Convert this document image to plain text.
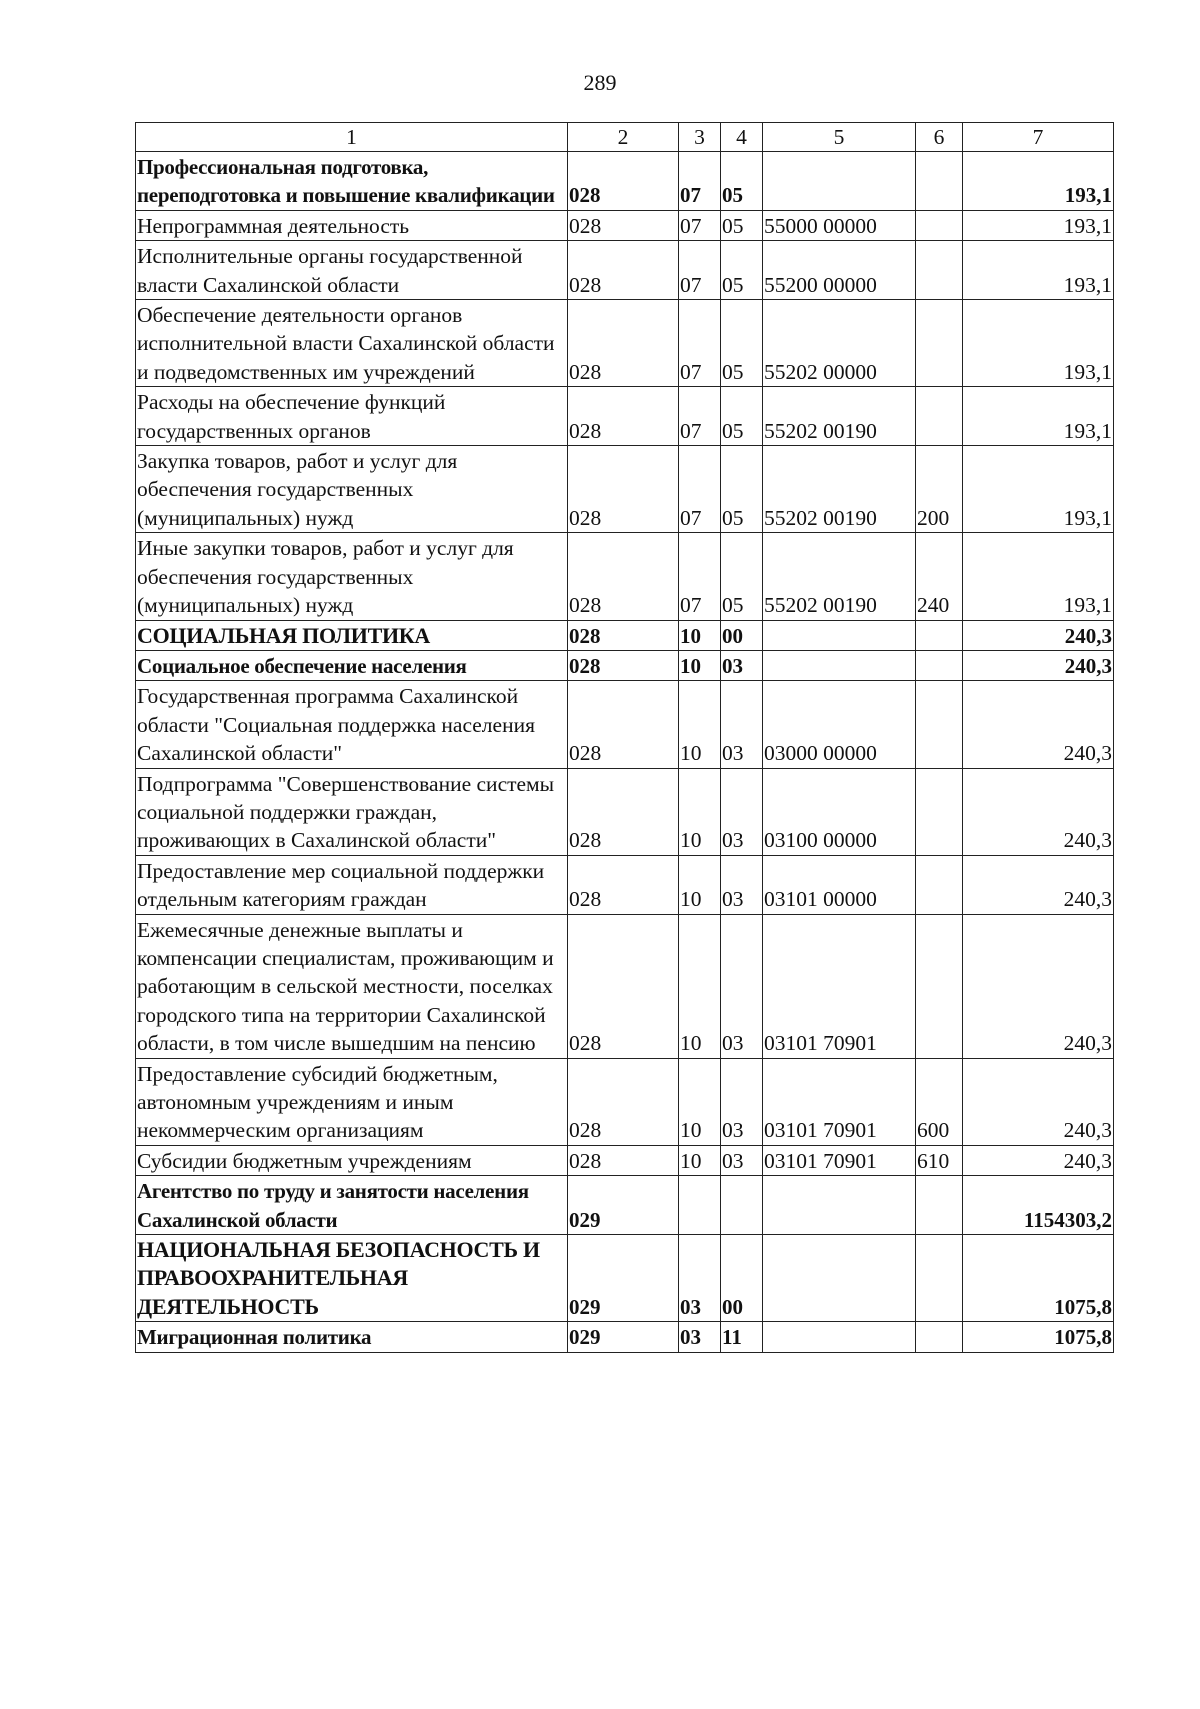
289
1	2	3	4	5	6	7
Профессиональная подготовка, переподготовка и повышение квалификации	028	07	05			193,1
Непрограммная деятельность	028	07	05	55000 00000		193,1
Исполнительные органы государственной власти Сахалинской области	028	07	05	55200 00000		193,1
Обеспечение деятельности органов исполнительной власти Сахалинской области и подведомственных им учреждений	028	07	05	55202 00000		193,1
Расходы на обеспечение функций государственных органов	028	07	05	55202 00190		193,1
Закупка товаров, работ и услуг для обеспечения государственных (муниципальных) нужд	028	07	05	55202 00190	200	193,1
Иные закупки товаров, работ и услуг для обеспечения государственных (муниципальных) нужд	028	07	05	55202 00190	240	193,1
СОЦИАЛЬНАЯ ПОЛИТИКА	028	10	00			240,3
Социальное обеспечение населения	028	10	03			240,3
Государственная программа Сахалинской области "Социальная поддержка населения Сахалинской области"	028	10	03	03000 00000		240,3
Подпрограмма "Совершенствование системы социальной поддержки граждан, проживающих в Сахалинской области"	028	10	03	03100 00000		240,3
Предоставление мер социальной поддержки отдельным категориям граждан	028	10	03	03101 00000		240,3
Ежемесячные денежные выплаты и компенсации специалистам, проживающим и работающим в сельской местности, поселках городского типа на территории Сахалинской области, в том числе вышедшим на пенсию	028	10	03	03101 70901		240,3
Предоставление субсидий бюджетным, автономным учреждениям и иным некоммерческим организациям	028	10	03	03101 70901	600	240,3
Субсидии бюджетным учреждениям	028	10	03	03101 70901	610	240,3
Агентство по труду и занятости населения Сахалинской области	029					1154303,2
НАЦИОНАЛЬНАЯ БЕЗОПАСНОСТЬ И ПРАВООХРАНИТЕЛЬНАЯ ДЕЯТЕЛЬНОСТЬ	029	03	00			1075,8
Миграционная политика	029	03	11			1075,8
